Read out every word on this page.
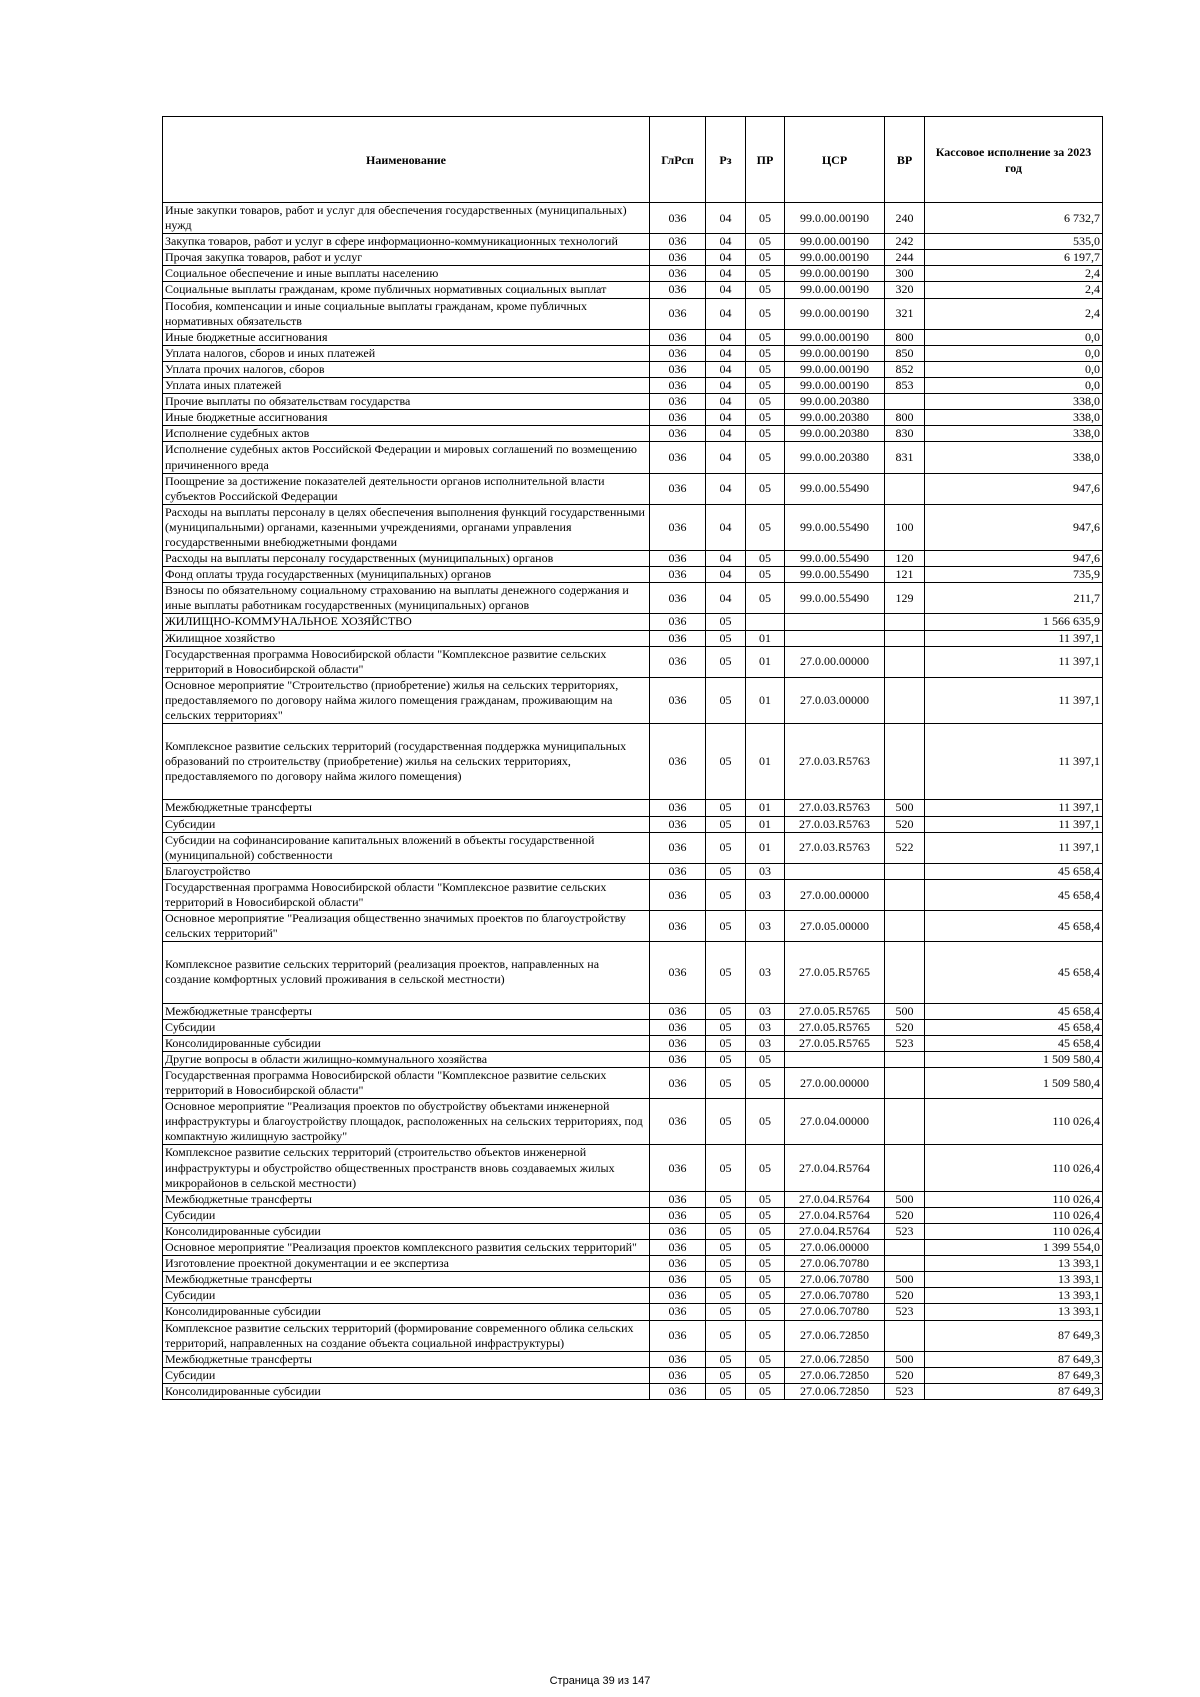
Наименование	ГлРсп	Рз	ПР	ЦСР	ВР	Кассовое исполнение за 2023 год
Иные закупки товаров, работ и услуг для обеспечения государственных (муниципальных) нужд	036	04	05	99.0.00.00190	240	6 732,7
Закупка товаров, работ и услуг в сфере информационно-коммуникационных технологий	036	04	05	99.0.00.00190	242	535,0
Прочая закупка товаров, работ и услуг	036	04	05	99.0.00.00190	244	6 197,7
Социальное обеспечение и иные выплаты населению	036	04	05	99.0.00.00190	300	2,4
Социальные выплаты гражданам, кроме публичных нормативных социальных выплат	036	04	05	99.0.00.00190	320	2,4
Пособия, компенсации и иные социальные выплаты гражданам, кроме публичных нормативных обязательств	036	04	05	99.0.00.00190	321	2,4
Иные бюджетные ассигнования	036	04	05	99.0.00.00190	800	0,0
Уплата налогов, сборов и иных платежей	036	04	05	99.0.00.00190	850	0,0
Уплата прочих налогов, сборов	036	04	05	99.0.00.00190	852	0,0
Уплата иных платежей	036	04	05	99.0.00.00190	853	0,0
Прочие выплаты по обязательствам государства	036	04	05	99.0.00.20380		338,0
Иные бюджетные ассигнования	036	04	05	99.0.00.20380	800	338,0
Исполнение судебных актов	036	04	05	99.0.00.20380	830	338,0
Исполнение судебных актов Российской Федерации и мировых соглашений по возмещению причиненного вреда	036	04	05	99.0.00.20380	831	338,0
Поощрение за достижение показателей деятельности органов исполнительной власти субъектов Российской Федерации	036	04	05	99.0.00.55490		947,6
Расходы на выплаты персоналу в целях обеспечения выполнения функций государственными (муниципальными) органами, казенными учреждениями, органами управления государственными внебюджетными фондами	036	04	05	99.0.00.55490	100	947,6
Расходы на выплаты персоналу государственных (муниципальных) органов	036	04	05	99.0.00.55490	120	947,6
Фонд оплаты труда государственных (муниципальных) органов	036	04	05	99.0.00.55490	121	735,9
Взносы по обязательному социальному страхованию на выплаты денежного содержания и иные выплаты работникам государственных (муниципальных) органов	036	04	05	99.0.00.55490	129	211,7
ЖИЛИЩНО-КОММУНАЛЬНОЕ ХОЗЯЙСТВО	036	05				1 566 635,9
Жилищное хозяйство	036	05	01			11 397,1
Государственная программа Новосибирской области "Комплексное развитие сельских территорий в Новосибирской области"	036	05	01	27.0.00.00000		11 397,1
Основное мероприятие "Строительство (приобретение) жилья на сельских территориях, предоставляемого по договору найма жилого помещения гражданам, проживающим на сельских территориях"	036	05	01	27.0.03.00000		11 397,1
Комплексное развитие сельских территорий (государственная поддержка муниципальных образований по строительству (приобретение) жилья на сельских территориях, предоставляемого по договору найма жилого помещения)	036	05	01	27.0.03.R5763		11 397,1
Межбюджетные трансферты	036	05	01	27.0.03.R5763	500	11 397,1
Субсидии	036	05	01	27.0.03.R5763	520	11 397,1
Субсидии на софинансирование капитальных вложений в объекты государственной (муниципальной) собственности	036	05	01	27.0.03.R5763	522	11 397,1
Благоустройство	036	05	03			45 658,4
Государственная программа Новосибирской области "Комплексное развитие сельских территорий в Новосибирской области"	036	05	03	27.0.00.00000		45 658,4
Основное мероприятие "Реализация общественно значимых проектов по благоустройству сельских территорий"	036	05	03	27.0.05.00000		45 658,4
Комплексное развитие сельских территорий (реализация проектов, направленных на создание комфортных условий проживания в сельской местности)	036	05	03	27.0.05.R5765		45 658,4
Межбюджетные трансферты	036	05	03	27.0.05.R5765	500	45 658,4
Субсидии	036	05	03	27.0.05.R5765	520	45 658,4
Консолидированные субсидии	036	05	03	27.0.05.R5765	523	45 658,4
Другие вопросы в области жилищно-коммунального хозяйства	036	05	05			1 509 580,4
Государственная программа Новосибирской области "Комплексное развитие сельских территорий в Новосибирской области"	036	05	05	27.0.00.00000		1 509 580,4
Основное мероприятие "Реализация проектов по обустройству объектами инженерной инфраструктуры и благоустройству площадок, расположенных на сельских территориях, под компактную жилищную застройку"	036	05	05	27.0.04.00000		110 026,4
Комплексное развитие сельских территорий (строительство объектов инженерной инфраструктуры и обустройство общественных пространств вновь создаваемых жилых микрорайонов в сельской местности)	036	05	05	27.0.04.R5764		110 026,4
Межбюджетные трансферты	036	05	05	27.0.04.R5764	500	110 026,4
Субсидии	036	05	05	27.0.04.R5764	520	110 026,4
Консолидированные субсидии	036	05	05	27.0.04.R5764	523	110 026,4
Основное мероприятие "Реализация проектов комплексного развития сельских территорий"	036	05	05	27.0.06.00000		1 399 554,0
Изготовление проектной документации и ее экспертиза	036	05	05	27.0.06.70780		13 393,1
Межбюджетные трансферты	036	05	05	27.0.06.70780	500	13 393,1
Субсидии	036	05	05	27.0.06.70780	520	13 393,1
Консолидированные субсидии	036	05	05	27.0.06.70780	523	13 393,1
Комплексное развитие сельских территорий (формирование современного облика сельских территорий, направленных на создание объекта социальной инфраструктуры)	036	05	05	27.0.06.72850		87 649,3
Межбюджетные трансферты	036	05	05	27.0.06.72850	500	87 649,3
Субсидии	036	05	05	27.0.06.72850	520	87 649,3
Консолидированные субсидии	036	05	05	27.0.06.72850	523	87 649,3
Страница 39 из 147
